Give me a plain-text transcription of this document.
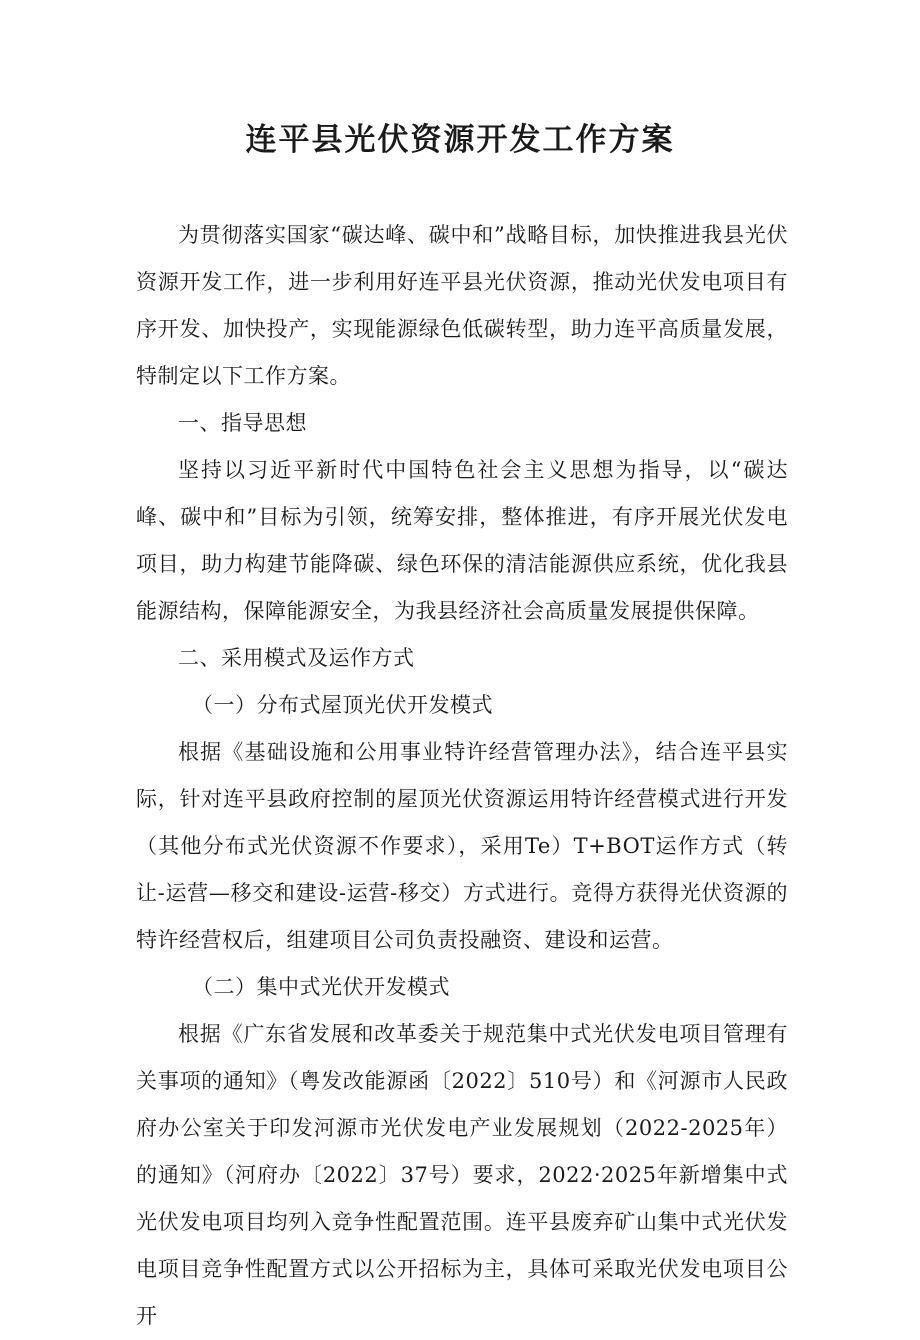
连平县光伏资源开发工作方案

为贯彻落实国家“碳达峰、碳中和”战略目标，加快推进我县光伏资源开发工作，进一步利用好连平县光伏资源，推动光伏发电项目有序开发、加快投产，实现能源绿色低碳转型，助力连平高质量发展，特制定以下工作方案。

一、指导思想

坚持以习近平新时代中国特色社会主义思想为指导，以“碳达峰、碳中和”目标为引领，统筹安排，整体推进，有序开展光伏发电项目，助力构建节能降碳、绿色环保的清洁能源供应系统，优化我县能源结构，保障能源安全，为我县经济社会高质量发展提供保障。

二、采用模式及运作方式

（一）分布式屋顶光伏开发模式

根据《基础设施和公用事业特许经营管理办法》，结合连平县实际，针对连平县政府控制的屋顶光伏资源运用特许经营模式进行开发（其他分布式光伏资源不作要求），采用Te）T+BOT运作方式（转让-运营—移交和建设-运营-移交）方式进行。竞得方获得光伏资源的特许经营权后，组建项目公司负责投融资、建设和运营。

（二）集中式光伏开发模式

根据《广东省发展和改革委关于规范集中式光伏发电项目管理有关事项的通知》（粤发改能源函〔2022〕510号）和《河源市人民政府办公室关于印发河源市光伏发电产业发展规划（2022-2025年）的通知》（河府办〔2022〕37号）要求，2022·2025年新增集中式光伏发电项目均列入竞争性配置范围。连平县废弃矿山集中式光伏发电项目竞争性配置方式以公开招标为主，具体可采取光伏发电项目公开
